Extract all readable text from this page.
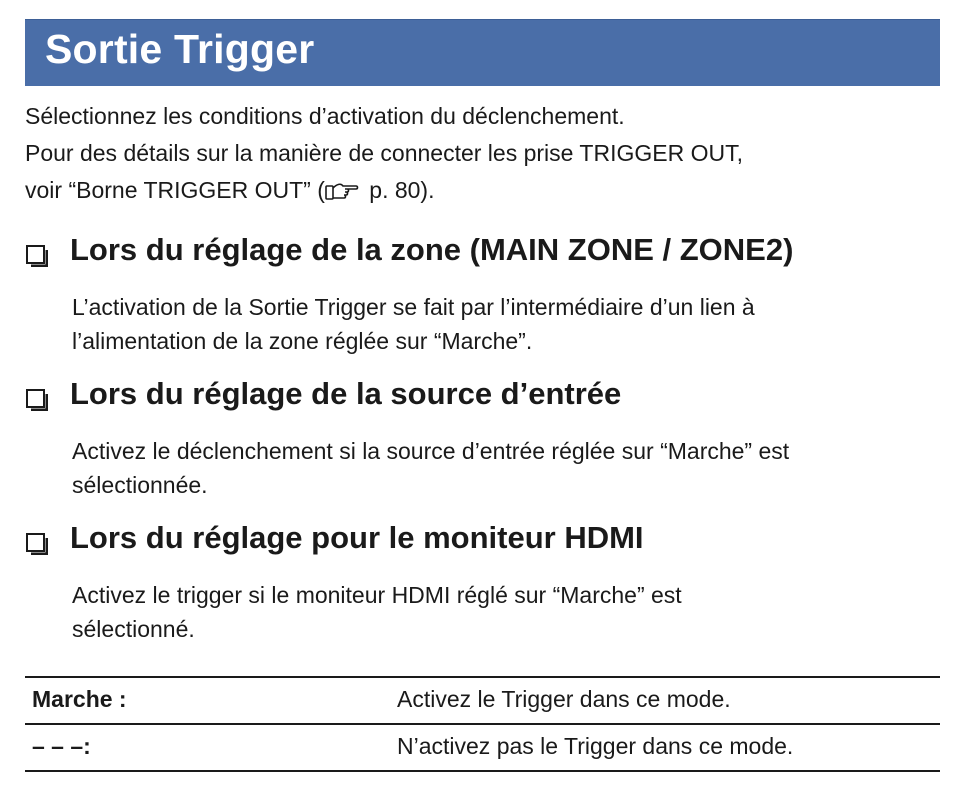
Sortie Trigger

Sélectionnez les conditions d’activation du déclenchement.

Pour des détails sur la manière de connecter les prise TRIGGER OUT,

voir “Borne TRIGGER OUT” ( p. 80).

Lors du réglage de la zone (MAIN ZONE / ZONE2)

L’activation de la Sortie Trigger se fait par l’intermédiaire d’un lien à

l’alimentation de la zone réglée sur “Marche”.

Lors du réglage de la source d’entrée

Activez le déclenchement si la source d’entrée réglée sur “Marche” est

sélectionnée.

Lors du réglage pour le moniteur HDMI

Activez le trigger si le moniteur HDMI réglé sur “Marche” est

sélectionné.

Marche :	Activez le Trigger dans ce mode.
– – –:	N’activez pas le Trigger dans ce mode.
